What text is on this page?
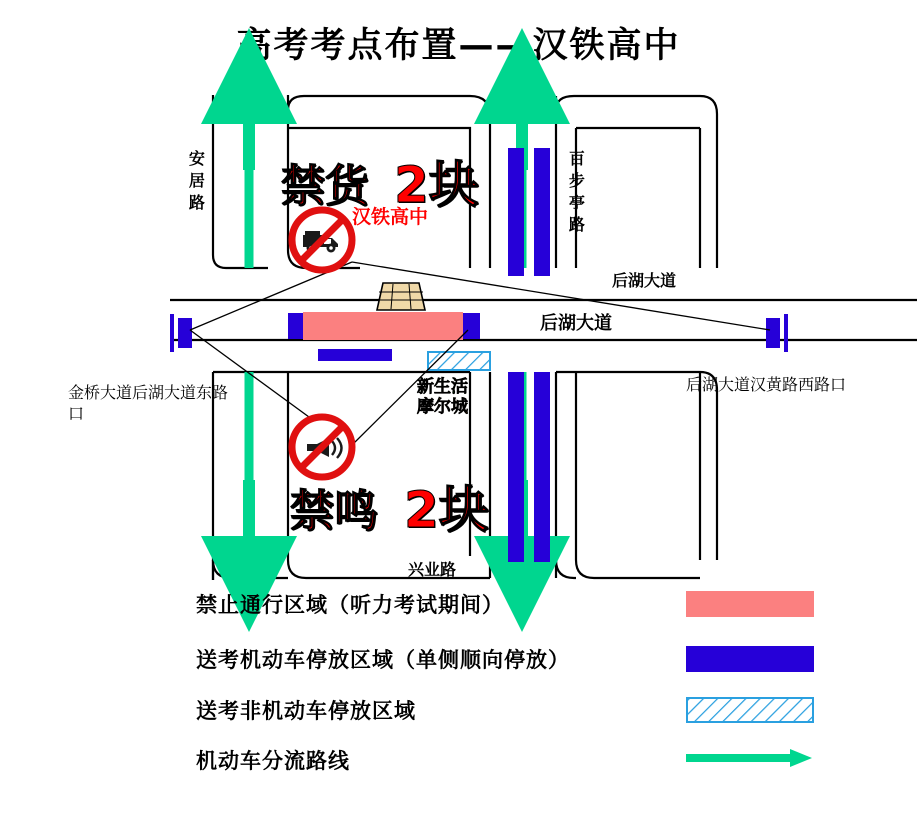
高考考点布置——汉铁高中
安居路	百步亭路
后湖大道
后湖大道
兴业路
金桥大道后湖大道东路口
后湖大道汉黄路西路口
禁货 2块
汉铁高中
禁鸣 2块
新生活
摩尔城
禁止通行区域（听力考试期间）
送考机动车停放区域（单侧顺向停放）
送考非机动车停放区域
机动车分流路线
